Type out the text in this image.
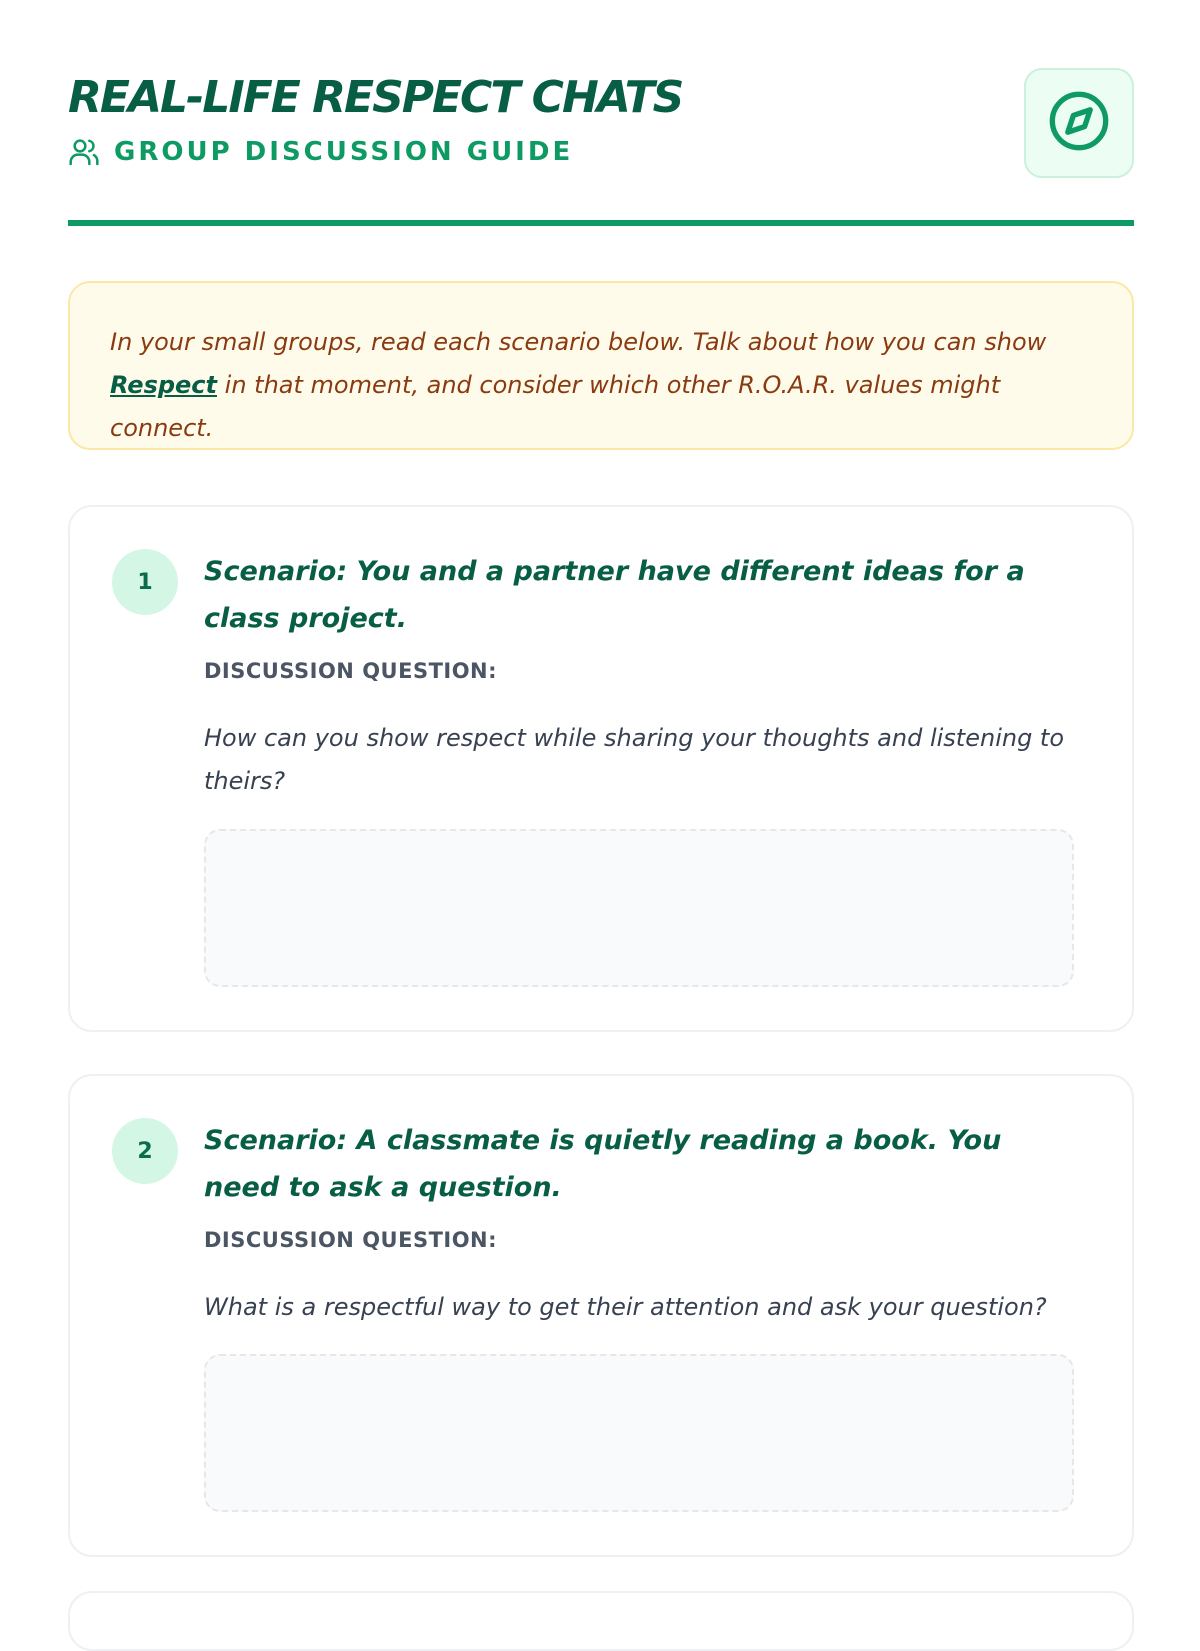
REAL-LIFE RESPECT CHATS
GROUP DISCUSSION GUIDE
In your small groups, read each scenario below. Talk about how you can show Respect in that moment, and consider which other R.O.A.R. values might connect.
1	Scenario: You and a partner have different ideas for a class project.

DISCUSSION QUESTION:

How can you show respect while sharing your thoughts and listening to theirs?

2	Scenario: A classmate is quietly reading a book. You need to ask a question.

DISCUSSION QUESTION:

What is a respectful way to get their attention and ask your question?
